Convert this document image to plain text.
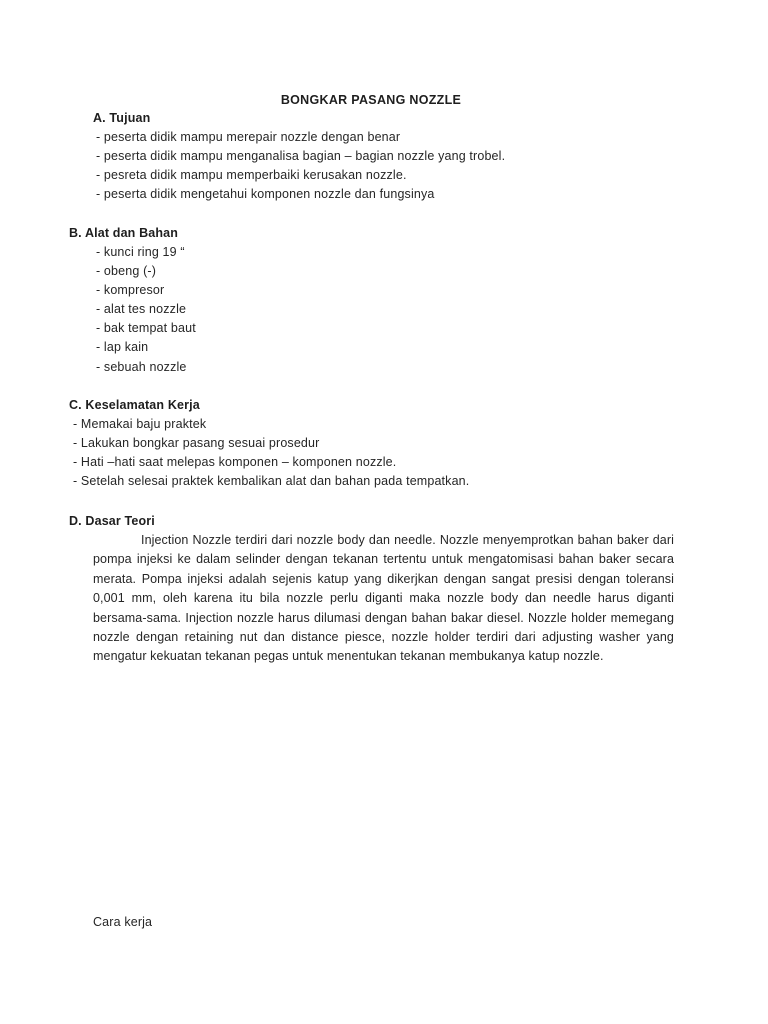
BONGKAR PASANG NOZZLE
A. Tujuan
- peserta didik mampu merepair nozzle dengan benar
- peserta didik mampu menganalisa bagian – bagian nozzle yang trobel.
- pesreta didik mampu memperbaiki kerusakan nozzle.
- peserta didik mengetahui komponen nozzle dan fungsinya
B. Alat dan Bahan
- kunci ring 19 “
- obeng (-)
- kompresor
- alat tes nozzle
- bak tempat baut
- lap kain
- sebuah nozzle
C. Keselamatan Kerja
- Memakai baju praktek
- Lakukan bongkar pasang sesuai prosedur
- Hati –hati saat melepas komponen – komponen nozzle.
- Setelah selesai praktek kembalikan alat dan bahan pada tempatkan.
D. Dasar Teori
Injection Nozzle terdiri dari nozzle body dan needle. Nozzle menyemprotkan bahan baker dari pompa injeksi ke dalam selinder dengan tekanan tertentu untuk mengatomisasi bahan baker secara merata. Pompa injeksi adalah sejenis katup yang dikerjkan dengan sangat presisi dengan toleransi 0,001 mm, oleh karena itu bila nozzle perlu diganti maka nozzle body dan needle harus diganti bersama-sama. Injection nozzle harus dilumasi dengan bahan bakar diesel. Nozzle holder memegang nozzle dengan retaining nut dan distance piesce, nozzle holder terdiri dari adjusting washer yang mengatur kekuatan tekanan pegas untuk menentukan tekanan membukanya katup nozzle.
Cara kerja
